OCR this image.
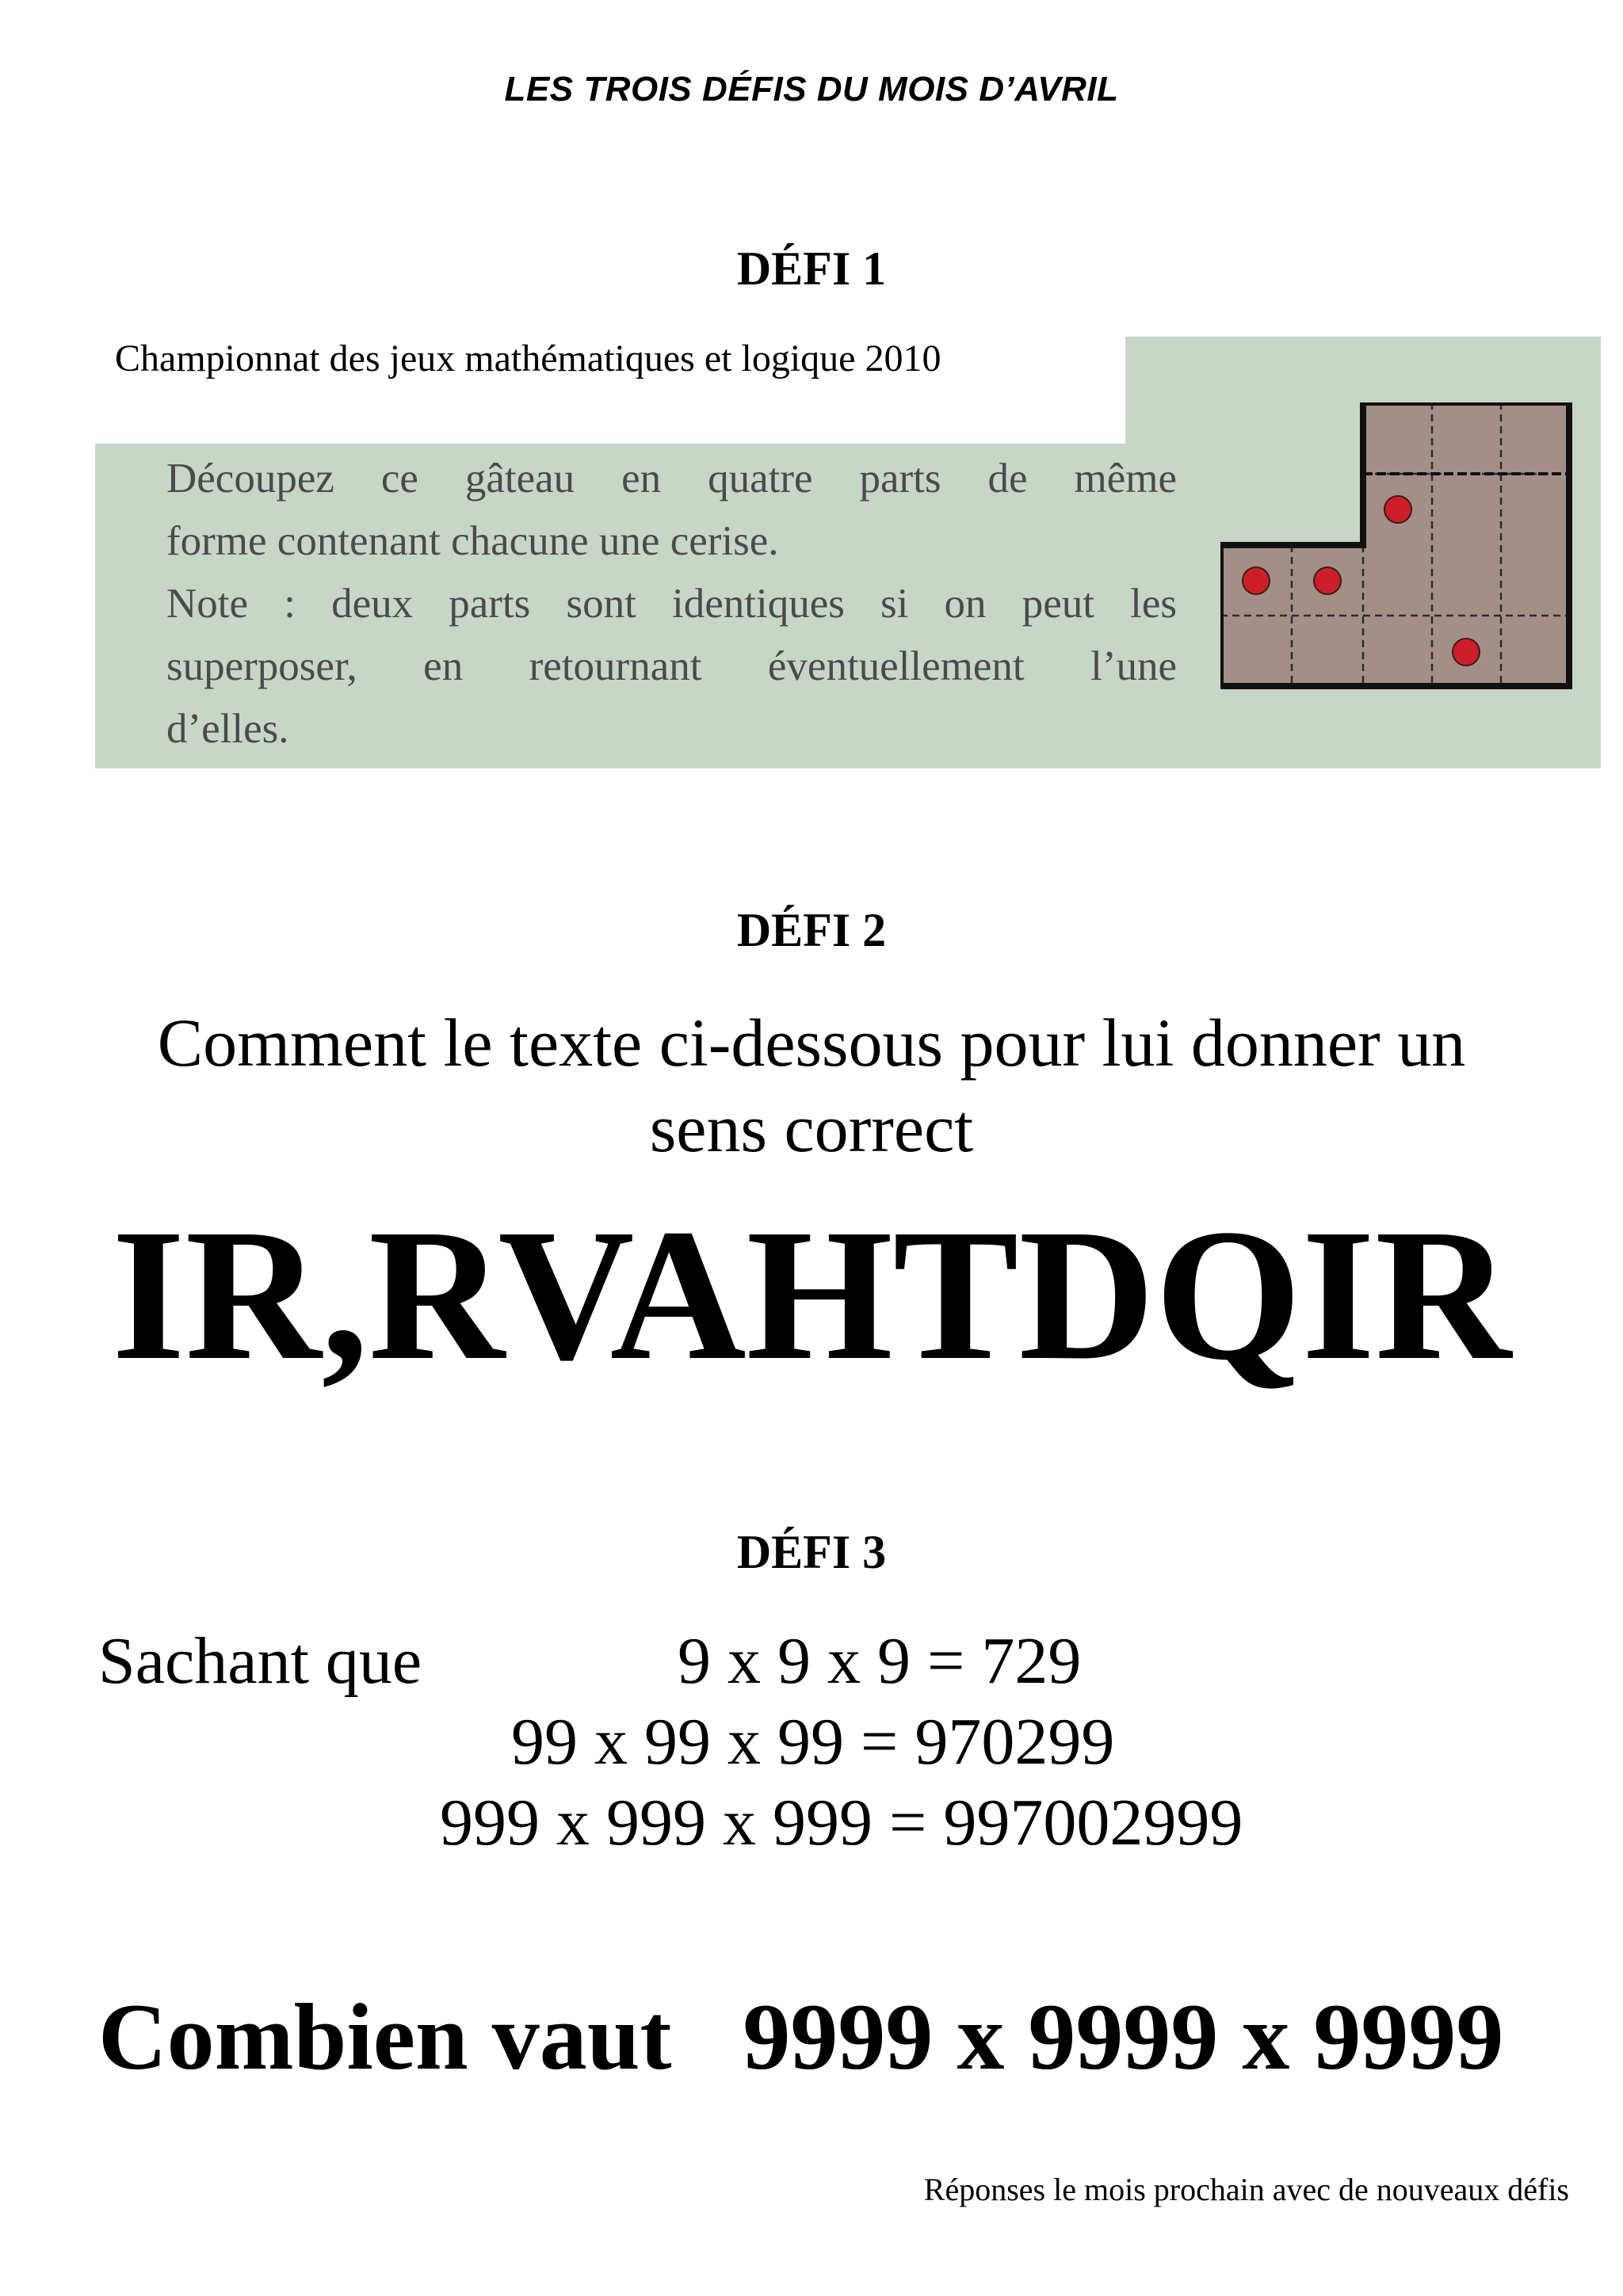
LES TROIS DÉFIS DU MOIS D’AVRIL
DÉFI 1
Championnat des jeux mathématiques et logique 2010
Découpez ce gâteau en quatre parts de même
forme contenant chacune une cerise.
Note : deux parts sont identiques si on peut les
superposer, en retournant éventuellement l’une
d’elles.
DÉFI 2
Comment le texte ci-dessous pour lui donner un
sens correct
IR,RVAHTDQIR
DÉFI 3
Sachant que	9 x 9 x 9 = 729
99 x 99 x 99 = 970299
999 x 999 x 999 = 997002999
Combien vaut 9999 x 9999 x 9999
Réponses le mois prochain avec de nouveaux défis
